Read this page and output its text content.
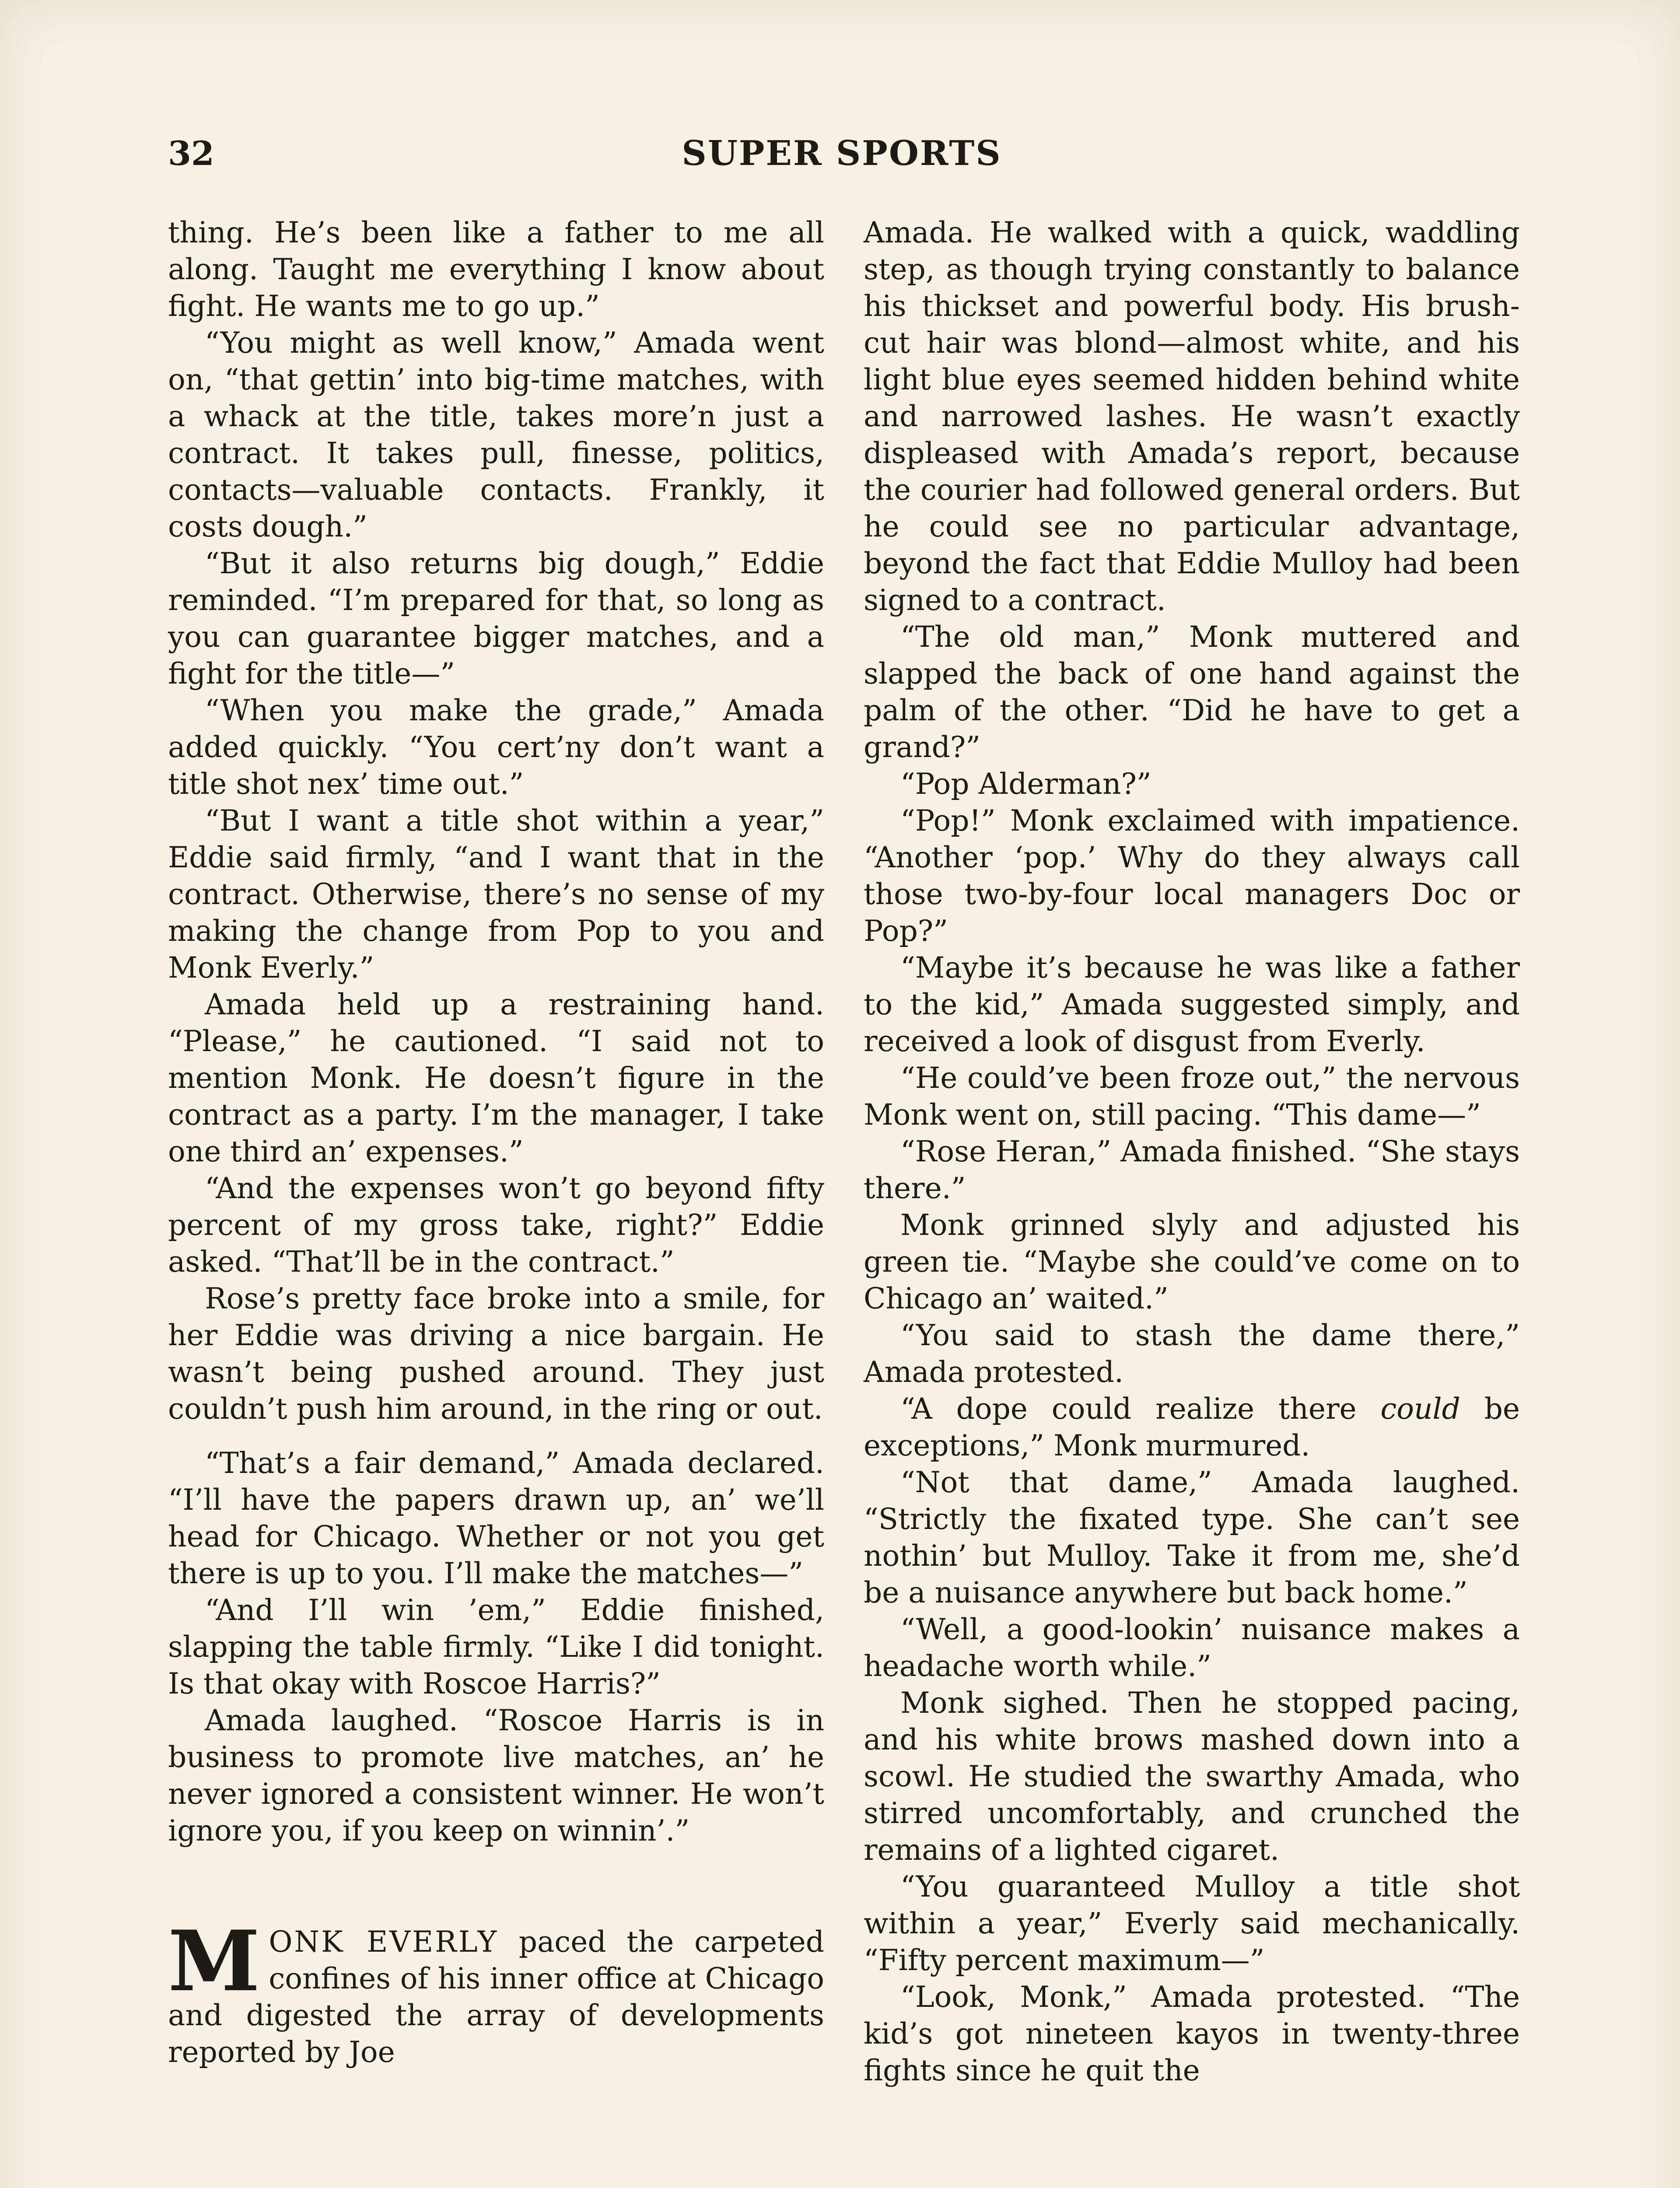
32	SUPER SPORTS

thing. He’s been like a father to me all along. Taught me everything I know about fight. He wants me to go up.”

“You might as well know,” Amada went on, “that gettin’ into big-time matches, with a whack at the title, takes more’n just a contract. It takes pull, finesse, politics, contacts—valuable contacts. Frankly, it costs dough.”

“But it also returns big dough,” Eddie reminded. “I’m prepared for that, so long as you can guarantee bigger matches, and a fight for the title—”

“When you make the grade,” Amada added quickly. “You cert’ny don’t want a title shot nex’ time out.”

“But I want a title shot within a year,” Eddie said firmly, “and I want that in the contract. Otherwise, there’s no sense of my making the change from Pop to you and Monk Everly.”

Amada held up a restraining hand. “Please,” he cautioned. “I said not to mention Monk. He doesn’t figure in the contract as a party. I’m the manager, I take one third an’ expenses.”

“And the expenses won’t go beyond fifty percent of my gross take, right?” Eddie asked. “That’ll be in the contract.”

Rose’s pretty face broke into a smile, for her Eddie was driving a nice bargain. He wasn’t being pushed around. They just couldn’t push him around, in the ring or out.

“That’s a fair demand,” Amada declared. “I’ll have the papers drawn up, an’ we’ll head for Chicago. Whether or not you get there is up to you. I’ll make the matches—”

“And I’ll win ’em,” Eddie finished, slapping the table firmly. “Like I did tonight. Is that okay with Roscoe Harris?”

Amada laughed. “Roscoe Harris is in business to promote live matches, an’ he never ignored a consistent winner. He won’t ignore you, if you keep on winnin’.”

MONK EVERLY paced the carpeted confines of his inner office at Chicago and digested the array of developments reported by Joe

Amada. He walked with a quick, waddling step, as though trying constantly to balance his thickset and powerful body. His brush-cut hair was blond—almost white, and his light blue eyes seemed hidden behind white and narrowed lashes. He wasn’t exactly displeased with Amada’s report, because the courier had followed general orders. But he could see no particular advantage, beyond the fact that Eddie Mulloy had been signed to a contract.

“The old man,” Monk muttered and slapped the back of one hand against the palm of the other. “Did he have to get a grand?”

“Pop Alderman?”

“Pop!” Monk exclaimed with impatience. “Another ‘pop.’ Why do they always call those two-by-four local managers Doc or Pop?”

“Maybe it’s because he was like a father to the kid,” Amada suggested simply, and received a look of disgust from Everly.

“He could’ve been froze out,” the nervous Monk went on, still pacing. “This dame—”

“Rose Heran,” Amada finished. “She stays there.”

Monk grinned slyly and adjusted his green tie. “Maybe she could’ve come on to Chicago an’ waited.”

“You said to stash the dame there,” Amada protested.

“A dope could realize there could be exceptions,” Monk murmured.

“Not that dame,” Amada laughed. “Strictly the fixated type. She can’t see nothin’ but Mulloy. Take it from me, she’d be a nuisance anywhere but back home.”

“Well, a good-lookin’ nuisance makes a headache worth while.”

Monk sighed. Then he stopped pacing, and his white brows mashed down into a scowl. He studied the swarthy Amada, who stirred uncomfortably, and crunched the remains of a lighted cigaret.

“You guaranteed Mulloy a title shot within a year,” Everly said mechanically. “Fifty percent maximum—”

“Look, Monk,” Amada protested. “The kid’s got nineteen kayos in twenty-three fights since he quit the
